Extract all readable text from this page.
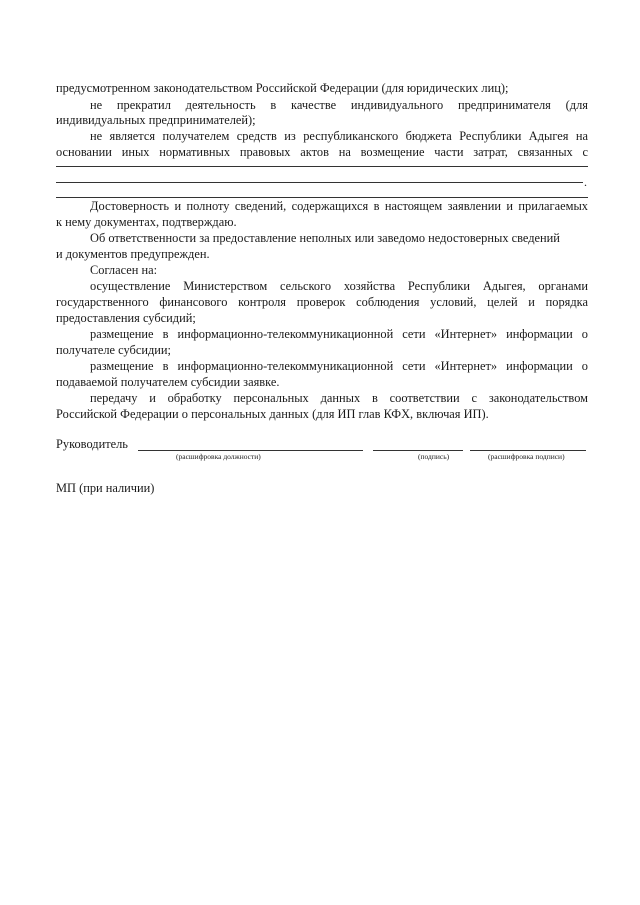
предусмотренном законодательством Российской Федерации (для юридических лиц);
не прекратил деятельность в качестве индивидуального предпринимателя (для
индивидуальных предпринимателей);
не является получателем средств из республиканского бюджета Республики Адыгея на
основании иных нормативных правовых актов на возмещение части затрат, связанных с
.
Достоверность и полноту сведений, содержащихся в настоящем заявлении и прилагаемых
к нему документах, подтверждаю.
Об ответственности за предоставление неполных или заведомо недостоверных сведений
и документов предупрежден.
Согласен на:
осуществление Министерством сельского хозяйства Республики Адыгея, органами
государственного финансового контроля проверок соблюдения условий, целей и порядка
предоставления субсидий;
размещение в информационно-телекоммуникационной сети «Интернет» информации о
получателе субсидии;
размещение в информационно-телекоммуникационной сети «Интернет» информации о
подаваемой получателем субсидии заявке.
передачу и обработку персональных данных в соответствии с законодательством
Российской Федерации о персональных данных (для ИП глав КФХ, включая ИП).
Руководитель
(расшифровка должности)	(подпись)	(расшифровка подписи)
МП (при наличии)
